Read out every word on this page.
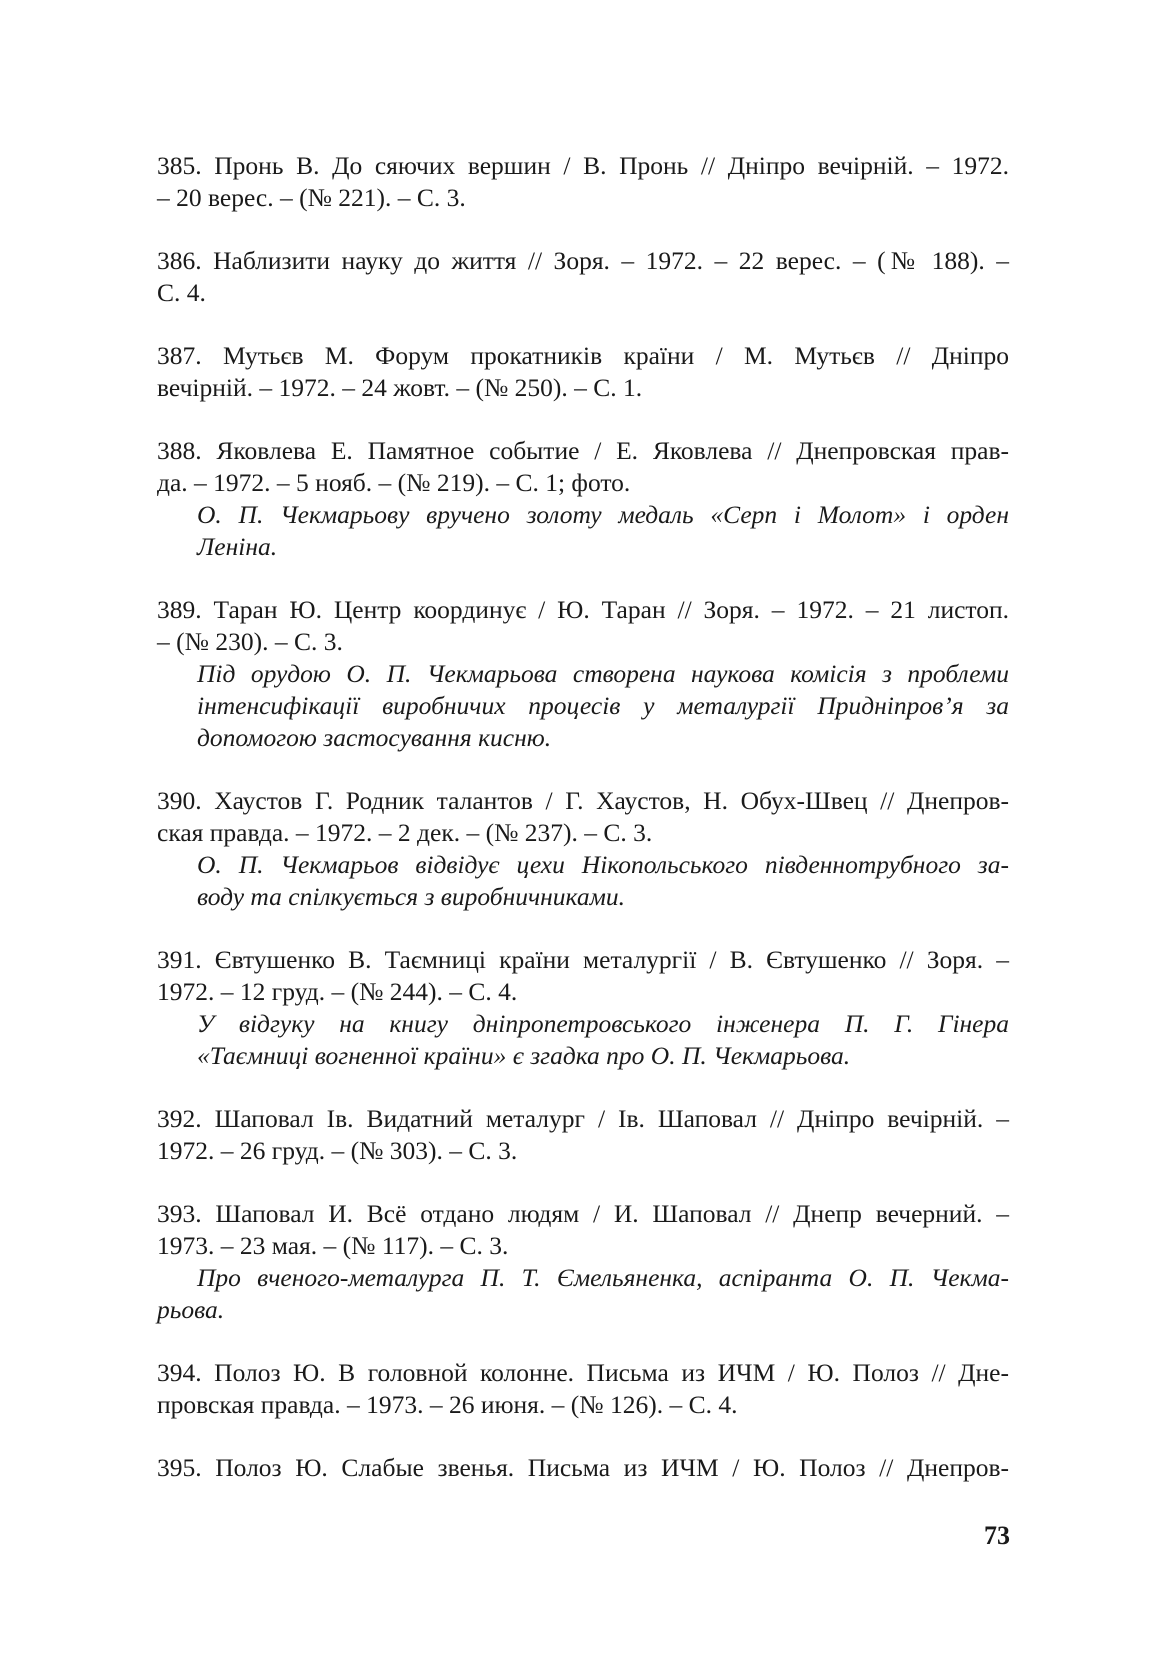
385. Пронь В. До сяючих вершин / В. Пронь // Дніпро вечірній. – 1972.
– 20 верес. – (№ 221). – С. 3.
386. Наблизити науку до життя // Зоря. – 1972. – 22 верес. – (№ 188). –
С. 4.
387. Мутьєв М. Форум прокатників країни / М. Мутьєв // Дніпро
вечірній. – 1972. – 24 жовт. – (№ 250). – С. 1.
388. Яковлева Е. Памятное событие / Е. Яковлева // Днепровская прав-
да. – 1972. – 5 нояб. – (№ 219). – С. 1; фото.
О. П. Чекмарьову вручено золоту медаль «Серп і Молот» і орден
Леніна.
389. Таран Ю. Центр координує / Ю. Таран // Зоря. – 1972. – 21 листоп.
– (№ 230). – С. 3.
Під орудою О. П. Чекмарьова створена наукова комісія з проблеми
інтенсифікації виробничих процесів у металургії Придніпров’я за
допомогою застосування кисню.
390. Хаустов Г. Родник талантов / Г. Хаустов, Н. Обух-Швец // Днепров-
ская правда. – 1972. – 2 дек. – (№ 237). – С. 3.
О. П. Чекмарьов відвідує цехи Нікопольського південнотрубного за-
воду та спілкується з виробничниками.
391. Євтушенко В. Таємниці країни металургії / В. Євтушенко // Зоря. –
1972. – 12 груд. – (№ 244). – С. 4.
У відгуку на книгу дніпропетровського інженера П. Г. Гінера
«Таємниці вогненної країни» є згадка про О. П. Чекмарьова.
392. Шаповал Ів. Видатний металург / Ів. Шаповал // Дніпро вечірній. –
1972. – 26 груд. – (№ 303). – С. 3.
393. Шаповал И. Всё отдано людям / И. Шаповал // Днепр вечерний. –
1973. – 23 мая. – (№ 117). – С. 3.
Про вченого-металурга П. Т. Ємельяненка, аспіранта О. П. Чекма-
рьова.
394. Полоз Ю. В головной колонне. Письма из ИЧМ / Ю. Полоз // Дне-
провская правда. – 1973. – 26 июня. – (№ 126). – С. 4.
395. Полоз Ю. Слабые звенья. Письма из ИЧМ / Ю. Полоз // Днепров-
73
